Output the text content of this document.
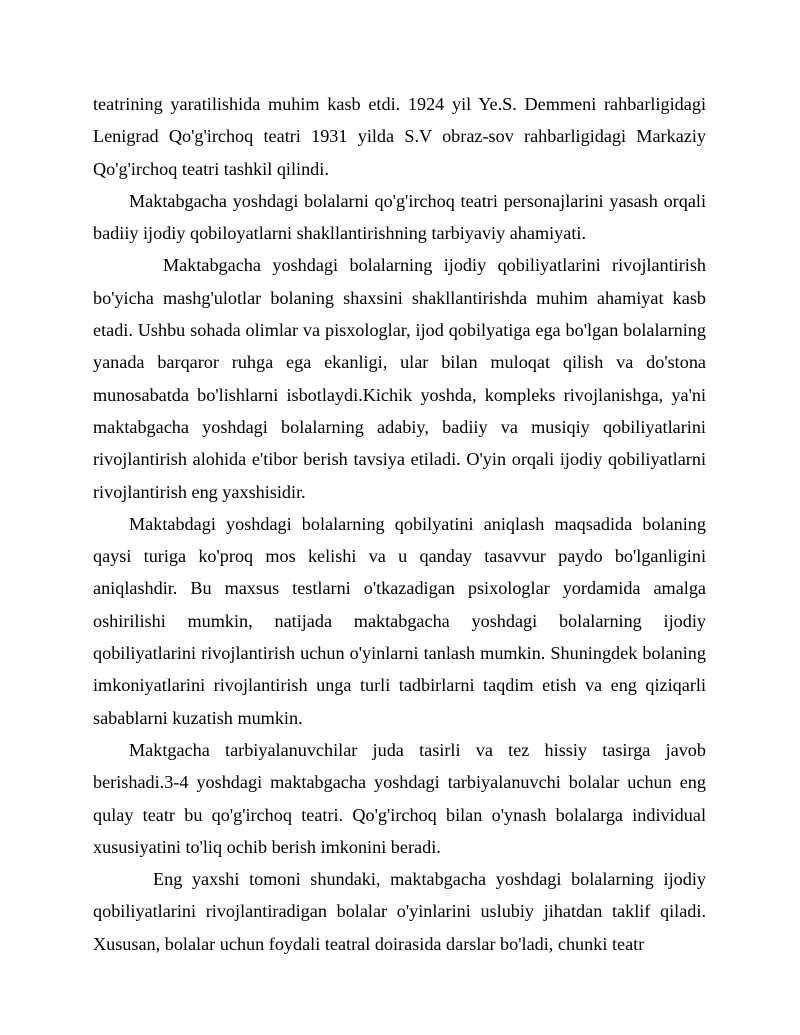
teatrining yaratilishida muhim kasb etdi. 1924 yil Ye.S. Demmeni rahbarligidagi Lenigrad Qo'g'irchoq teatri 1931 yilda S.V obraz-sov rahbarligidagi Markaziy Qo'g'irchoq teatri tashkil qilindi.

Maktabgacha yoshdagi bolalarni qo'g'irchoq teatri personajlarini yasash orqali badiiy ijodiy qobiloyatlarni shakllantirishning tarbiyaviy ahamiyati.

Maktabgacha yoshdagi bolalarning ijodiy qobiliyatlarini rivojlantirish bo'yicha mashg'ulotlar bolaning shaxsini shakllantirishda muhim ahamiyat kasb etadi. Ushbu sohada olimlar va pisxologlar, ijod qobilyatiga ega bo'lgan bolalarning yanada barqaror ruhga ega ekanligi, ular bilan muloqat qilish va do'stona munosabatda bo'lishlarni isbotlaydi.Kichik yoshda, kompleks rivojlanishga, ya'ni maktabgacha yoshdagi bolalarning adabiy, badiiy va musiqiy qobiliyatlarini rivojlantirish alohida e'tibor berish tavsiya etiladi. O'yin orqali ijodiy qobiliyatlarni rivojlantirish eng yaxshisidir.

Maktabdagi yoshdagi bolalarning qobilyatini aniqlash maqsadida bolaning qaysi turiga ko'proq mos kelishi va u qanday tasavvur paydo bo'lganligini aniqlashdir. Bu maxsus testlarni o'tkazadigan psixologlar yordamida amalga oshirilishi mumkin, natijada maktabgacha yoshdagi bolalarning ijodiy qobiliyatlarini rivojlantirish uchun o'yinlarni tanlash mumkin. Shuningdek bolaning imkoniyatlarini rivojlantirish unga turli tadbirlarni taqdim etish va eng qiziqarli sabablarni kuzatish mumkin.

Maktgacha tarbiyalanuvchilar juda tasirli va tez hissiy tasirga javob berishadi.3-4 yoshdagi maktabgacha yoshdagi tarbiyalanuvchi bolalar uchun eng qulay teatr bu qo'g'irchoq teatri. Qo'g'irchoq bilan o'ynash bolalarga individual xususiyatini to'liq ochib berish imkonini beradi.

Eng yaxshi tomoni shundaki, maktabgacha yoshdagi bolalarning ijodiy qobiliyatlarini rivojlantiradigan bolalar o'yinlarini uslubiy jihatdan taklif qiladi. Xususan, bolalar uchun foydali teatral doirasida darslar bo'ladi, chunki teatr
